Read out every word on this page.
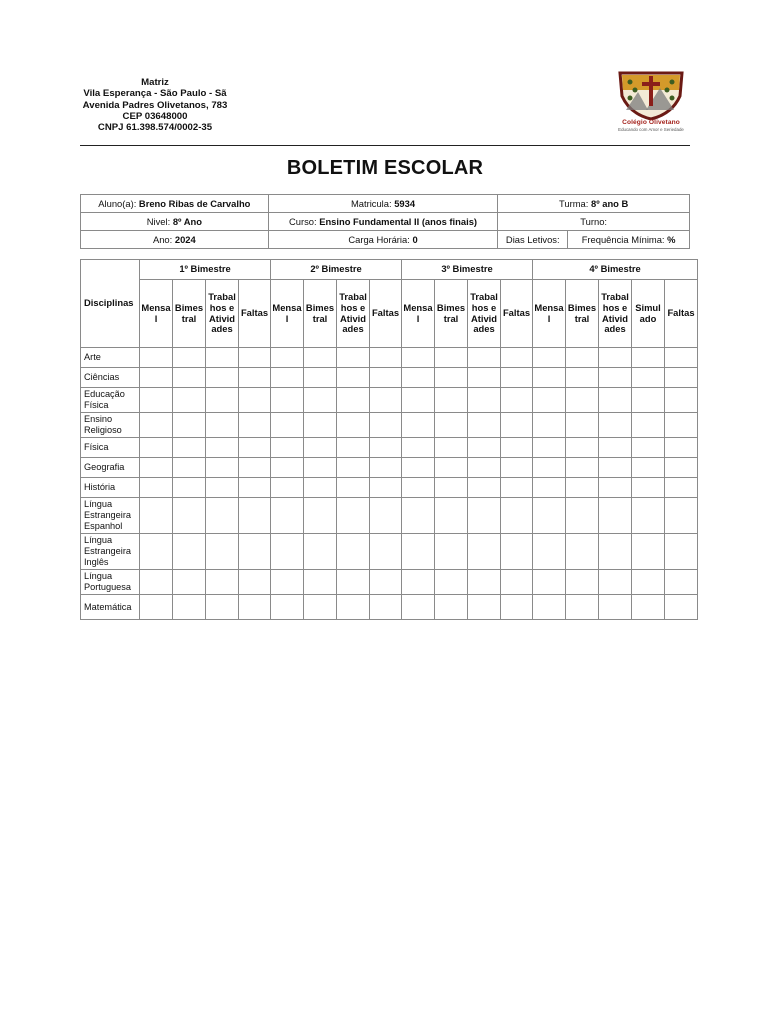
Matriz
Vila Esperança - São Paulo - Sã
Avenida Padres Olivetanos, 783
CEP 03648000
CNPJ 61.398.574/0002-35	Colégio Olivetano
Educando com Amor e Seriedade
BOLETIM ESCOLAR
Aluno(a): Breno Ribas de Carvalho	Matricula: 5934	Turma: 8º ano B	
Nivel: 8º Ano	Curso: Ensino Fundamental II (anos finais)	Turno:	
Ano: 2024	Carga Horária: 0	Dias Letivos:	Frequência Mínima: %
Disciplinas	1º Bimestre				2º Bimestre				3º Bimestre				4º Bimestre				
	Mensal	Bimestral	Trabalhos e Atividades	Faltas	Mensal	Bimestral	Trabalhos e Atividades	Faltas	Mensal	Bimestral	Trabalhos e Atividades	Faltas	Mensal	Bimestral	Trabalhos e Atividades	Simulado	Faltas
Arte																	
Ciências																	
Educação Física																	
Ensino Religioso																	
Física																	
Geografia																	
História																	
Língua Estrangeira Espanhol																	
Língua Estrangeira Inglês																	
Língua Portuguesa																	
Matemática																	
